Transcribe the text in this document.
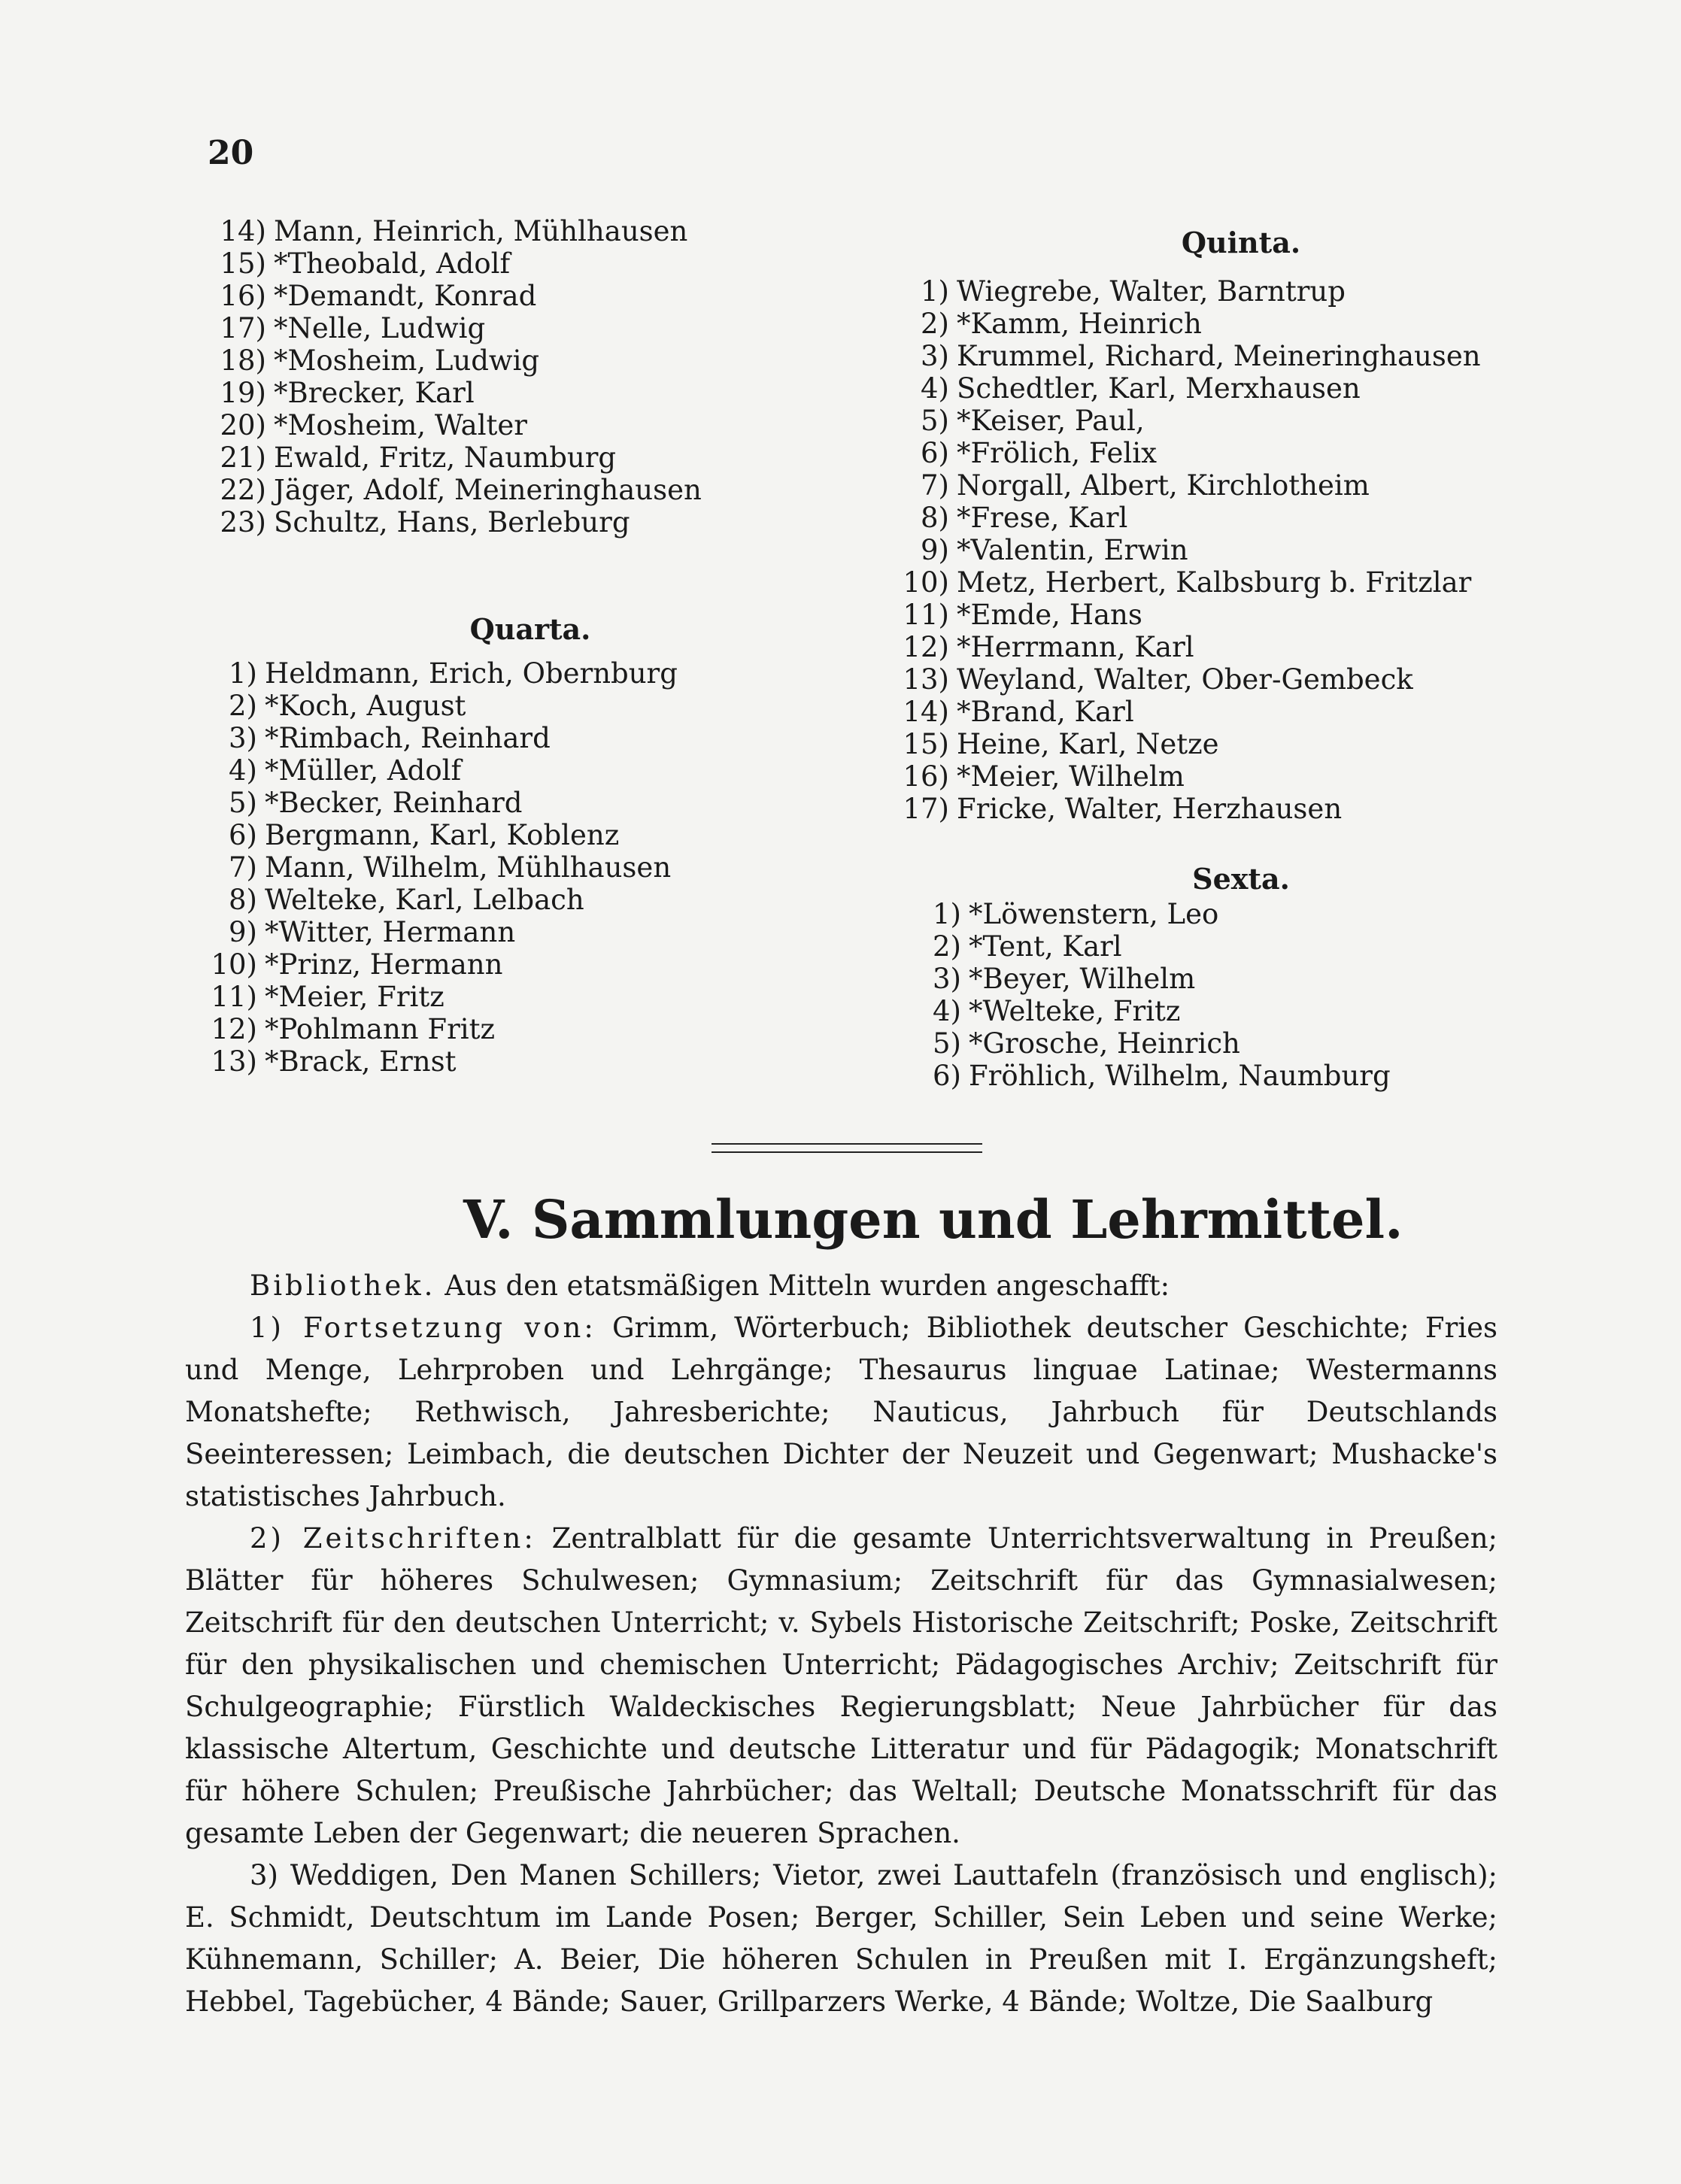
20
14) Mann, Heinrich, Mühlhausen
15) *Theobald, Adolf
16) *Demandt, Konrad
17) *Nelle, Ludwig
18) *Mosheim, Ludwig
19) *Brecker, Karl
20) *Mosheim, Walter
21) Ewald, Fritz, Naumburg
22) Jäger, Adolf, Meineringhausen
23) Schultz, Hans, Berleburg
Quarta.
1) Heldmann, Erich, Obernburg
2) *Koch, August
3) *Rimbach, Reinhard
4) *Müller, Adolf
5) *Becker, Reinhard
6) Bergmann, Karl, Koblenz
7) Mann, Wilhelm, Mühlhausen
8) Welteke, Karl, Lelbach
9) *Witter, Hermann
10) *Prinz, Hermann
11) *Meier, Fritz
12) *Pohlmann Fritz
13) *Brack, Ernst
Quinta.
1) Wiegrebe, Walter, Barntrup
2) *Kamm, Heinrich
3) Krummel, Richard, Meineringhausen
4) Schedtler, Karl, Merxhausen
5) *Keiser, Paul,
6) *Frölich, Felix
7) Norgall, Albert, Kirchlotheim
8) *Frese, Karl
9) *Valentin, Erwin
10) Metz, Herbert, Kalbsburg b. Fritzlar
11) *Emde, Hans
12) *Herrmann, Karl
13) Weyland, Walter, Ober-Gembeck
14) *Brand, Karl
15) Heine, Karl, Netze
16) *Meier, Wilhelm
17) Fricke, Walter, Herzhausen
Sexta.
1) *Löwenstern, Leo
2) *Tent, Karl
3) *Beyer, Wilhelm
4) *Welteke, Fritz
5) *Grosche, Heinrich
6) Fröhlich, Wilhelm, Naumburg
V. Sammlungen und Lehrmittel.

Bibliothek. Aus den etatsmäßigen Mitteln wurden angeschafft:

1) Fortsetzung von: Grimm, Wörterbuch; Bibliothek deutscher Geschichte; Fries und Menge, Lehrproben und Lehrgänge; Thesaurus linguae Latinae; Westermanns Monatshefte; Rethwisch, Jahresberichte; Nauticus, Jahrbuch für Deutschlands Seeinteressen; Leimbach, die deutschen Dichter der Neuzeit und Gegenwart; Mushacke's statistisches Jahrbuch.

2) Zeitschriften: Zentralblatt für die gesamte Unterrichtsverwaltung in Preußen; Blätter für höheres Schulwesen; Gymnasium; Zeitschrift für das Gymnasialwesen; Zeitschrift für den deutschen Unterricht; v. Sybels Historische Zeitschrift; Poske, Zeitschrift für den physikalischen und chemischen Unterricht; Pädagogisches Archiv; Zeitschrift für Schulgeographie; Fürstlich Waldeckisches Regierungsblatt; Neue Jahrbücher für das klassische Altertum, Geschichte und deutsche Litteratur und für Pädagogik; Monatschrift für höhere Schulen; Preußische Jahrbücher; das Weltall; Deutsche Monatsschrift für das gesamte Leben der Gegenwart; die neueren Sprachen.

3) Weddigen, Den Manen Schillers; Vietor, zwei Lauttafeln (französisch und englisch); E. Schmidt, Deutschtum im Lande Posen; Berger, Schiller, Sein Leben und seine Werke; Kühnemann, Schiller; A. Beier, Die höheren Schulen in Preußen mit I. Ergänzungsheft; Hebbel, Tagebücher, 4 Bände; Sauer, Grillparzers Werke, 4 Bände; Woltze, Die Saalburg
